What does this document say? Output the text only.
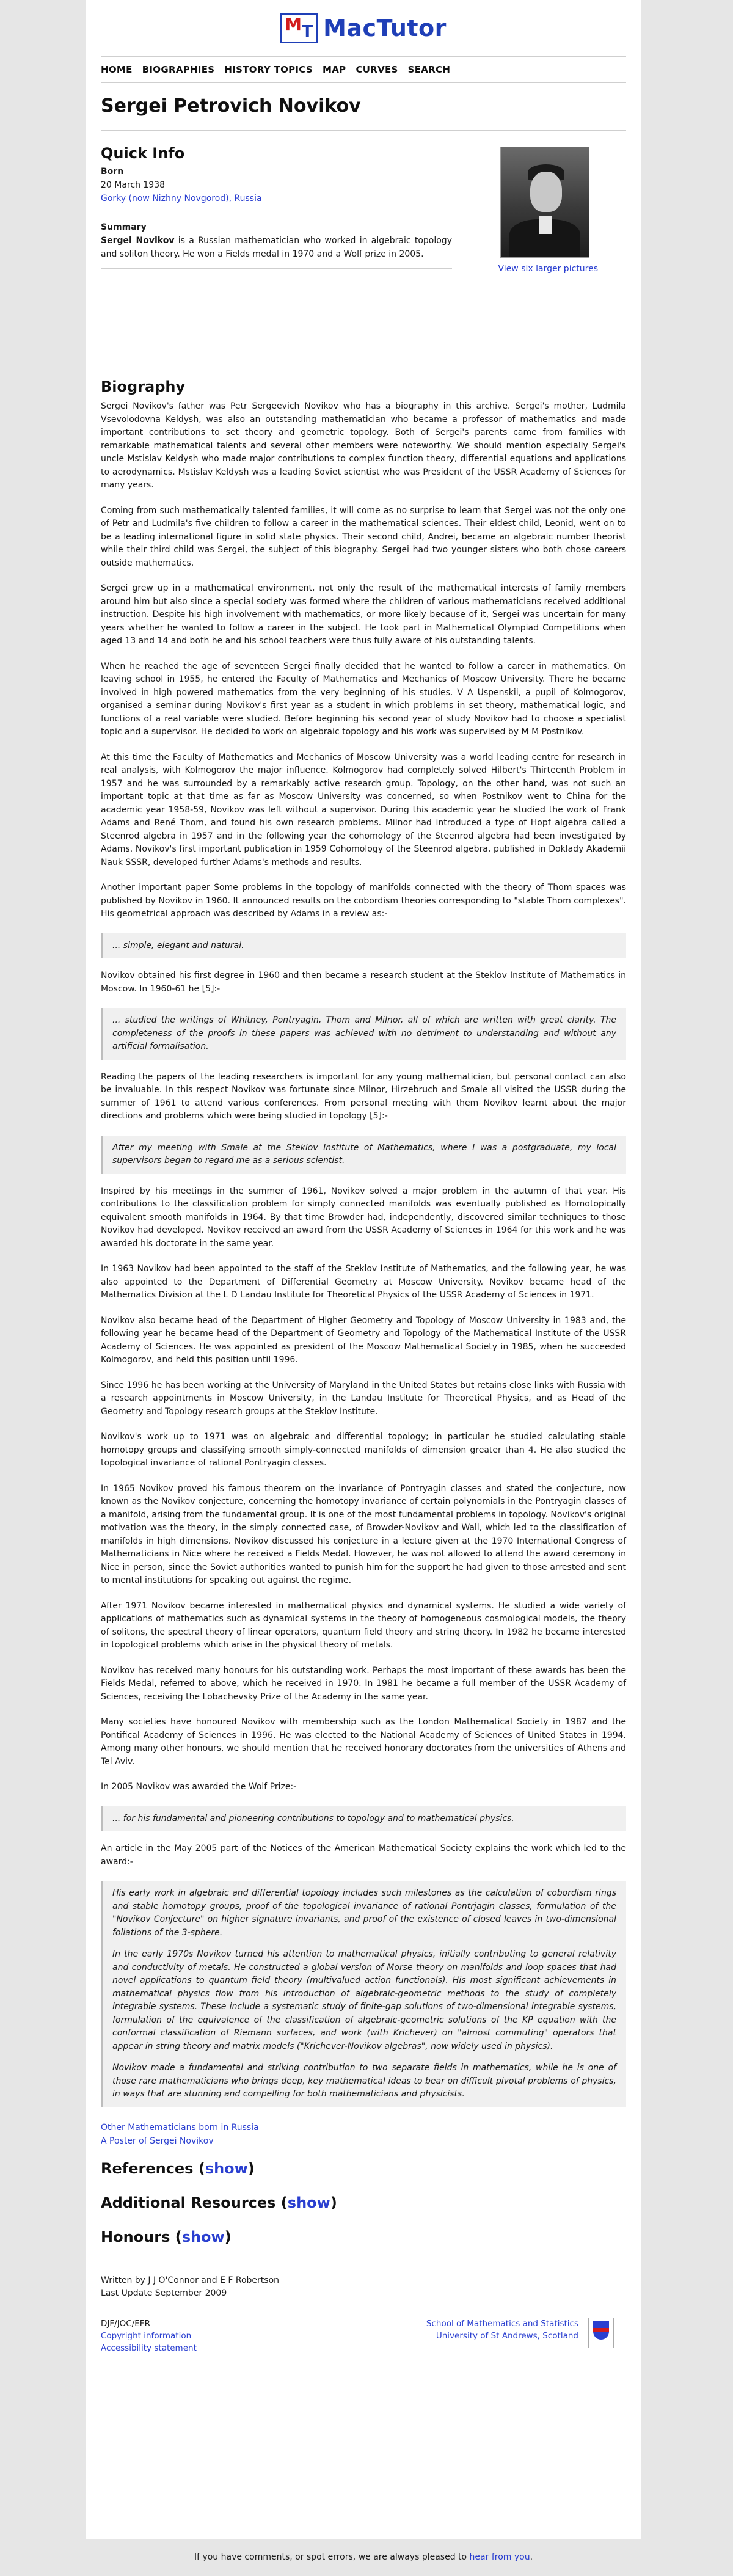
M T MacTutor
HOME BIOGRAPHIES HISTORY TOPICS MAP CURVES SEARCH
Sergei Petrovich Novikov
Quick Info
Born
20 March 1938
Gorky (now Nizhny Novgorod), Russia
Summary
Sergei Novikov is a Russian mathematician who worked in algebraic topology and soliton theory. He won a Fields medal in 1970 and a Wolf prize in 2005.
View six larger pictures
Biography

Sergei Novikov's father was Petr Sergeevich Novikov who has a biography in this archive. Sergei's mother, Ludmila Vsevolodovna Keldysh, was also an outstanding mathematician who became a professor of mathematics and made important contributions to set theory and geometric topology. Both of Sergei's parents came from families with remarkable mathematical talents and several other members were noteworthy. We should mention especially Sergei's uncle Mstislav Keldysh who made major contributions to complex function theory, differential equations and applications to aerodynamics. Mstislav Keldysh was a leading Soviet scientist who was President of the USSR Academy of Sciences for many years.

Coming from such mathematically talented families, it will come as no surprise to learn that Sergei was not the only one of Petr and Ludmila's five children to follow a career in the mathematical sciences. Their eldest child, Leonid, went on to be a leading international figure in solid state physics. Their second child, Andrei, became an algebraic number theorist while their third child was Sergei, the subject of this biography. Sergei had two younger sisters who both chose careers outside mathematics.

Sergei grew up in a mathematical environment, not only the result of the mathematical interests of family members around him but also since a special society was formed where the children of various mathematicians received additional instruction. Despite his high involvement with mathematics, or more likely because of it, Sergei was uncertain for many years whether he wanted to follow a career in the subject. He took part in Mathematical Olympiad Competitions when aged 13 and 14 and both he and his school teachers were thus fully aware of his outstanding talents.

When he reached the age of seventeen Sergei finally decided that he wanted to follow a career in mathematics. On leaving school in 1955, he entered the Faculty of Mathematics and Mechanics of Moscow University. There he became involved in high powered mathematics from the very beginning of his studies. V A Uspenskii, a pupil of Kolmogorov, organised a seminar during Novikov's first year as a student in which problems in set theory, mathematical logic, and functions of a real variable were studied. Before beginning his second year of study Novikov had to choose a specialist topic and a supervisor. He decided to work on algebraic topology and his work was supervised by M M Postnikov.

At this time the Faculty of Mathematics and Mechanics of Moscow University was a world leading centre for research in real analysis, with Kolmogorov the major influence. Kolmogorov had completely solved Hilbert's Thirteenth Problem in 1957 and he was surrounded by a remarkably active research group. Topology, on the other hand, was not such an important topic at that time as far as Moscow University was concerned, so when Postnikov went to China for the academic year 1958-59, Novikov was left without a supervisor. During this academic year he studied the work of Frank Adams and René Thom, and found his own research problems. Milnor had introduced a type of Hopf algebra called a Steenrod algebra in 1957 and in the following year the cohomology of the Steenrod algebra had been investigated by Adams. Novikov's first important publication in 1959 Cohomology of the Steenrod algebra, published in Doklady Akademii Nauk SSSR, developed further Adams's methods and results.

Another important paper Some problems in the topology of manifolds connected with the theory of Thom spaces was published by Novikov in 1960. It announced results on the cobordism theories corresponding to "stable Thom complexes". His geometrical approach was described by Adams in a review as:-

... simple, elegant and natural.

Novikov obtained his first degree in 1960 and then became a research student at the Steklov Institute of Mathematics in Moscow. In 1960-61 he [5]:-

... studied the writings of Whitney, Pontryagin, Thom and Milnor, all of which are written with great clarity. The completeness of the proofs in these papers was achieved with no detriment to understanding and without any artificial formalisation.

Reading the papers of the leading researchers is important for any young mathematician, but personal contact can also be invaluable. In this respect Novikov was fortunate since Milnor, Hirzebruch and Smale all visited the USSR during the summer of 1961 to attend various conferences. From personal meeting with them Novikov learnt about the major directions and problems which were being studied in topology [5]:-

After my meeting with Smale at the Steklov Institute of Mathematics, where I was a postgraduate, my local supervisors began to regard me as a serious scientist.

Inspired by his meetings in the summer of 1961, Novikov solved a major problem in the autumn of that year. His contributions to the classification problem for simply connected manifolds was eventually published as Homotopically equivalent smooth manifolds in 1964. By that time Browder had, independently, discovered similar techniques to those Novikov had developed. Novikov received an award from the USSR Academy of Sciences in 1964 for this work and he was awarded his doctorate in the same year.

In 1963 Novikov had been appointed to the staff of the Steklov Institute of Mathematics, and the following year, he was also appointed to the Department of Differential Geometry at Moscow University. Novikov became head of the Mathematics Division at the L D Landau Institute for Theoretical Physics of the USSR Academy of Sciences in 1971.

Novikov also became head of the Department of Higher Geometry and Topology of Moscow University in 1983 and, the following year he became head of the Department of Geometry and Topology of the Mathematical Institute of the USSR Academy of Sciences. He was appointed as president of the Moscow Mathematical Society in 1985, when he succeeded Kolmogorov, and held this position until 1996.

Since 1996 he has been working at the University of Maryland in the United States but retains close links with Russia with a research appointments in Moscow University, in the Landau Institute for Theoretical Physics, and as Head of the Geometry and Topology research groups at the Steklov Institute.

Novikov's work up to 1971 was on algebraic and differential topology; in particular he studied calculating stable homotopy groups and classifying smooth simply-connected manifolds of dimension greater than 4. He also studied the topological invariance of rational Pontryagin classes.

In 1965 Novikov proved his famous theorem on the invariance of Pontryagin classes and stated the conjecture, now known as the Novikov conjecture, concerning the homotopy invariance of certain polynomials in the Pontryagin classes of a manifold, arising from the fundamental group. It is one of the most fundamental problems in topology. Novikov's original motivation was the theory, in the simply connected case, of Browder-Novikov and Wall, which led to the classification of manifolds in high dimensions. Novikov discussed his conjecture in a lecture given at the 1970 International Congress of Mathematicians in Nice where he received a Fields Medal. However, he was not allowed to attend the award ceremony in Nice in person, since the Soviet authorities wanted to punish him for the support he had given to those arrested and sent to mental institutions for speaking out against the regime.

After 1971 Novikov became interested in mathematical physics and dynamical systems. He studied a wide variety of applications of mathematics such as dynamical systems in the theory of homogeneous cosmological models, the theory of solitons, the spectral theory of linear operators, quantum field theory and string theory. In 1982 he became interested in topological problems which arise in the physical theory of metals.

Novikov has received many honours for his outstanding work. Perhaps the most important of these awards has been the Fields Medal, referred to above, which he received in 1970. In 1981 he became a full member of the USSR Academy of Sciences, receiving the Lobachevsky Prize of the Academy in the same year.

Many societies have honoured Novikov with membership such as the London Mathematical Society in 1987 and the Pontifical Academy of Sciences in 1996. He was elected to the National Academy of Sciences of United States in 1994. Among many other honours, we should mention that he received honorary doctorates from the universities of Athens and Tel Aviv.

In 2005 Novikov was awarded the Wolf Prize:-

... for his fundamental and pioneering contributions to topology and to mathematical physics.

An article in the May 2005 part of the Notices of the American Mathematical Society explains the work which led to the award:-

His early work in algebraic and differential topology includes such milestones as the calculation of cobordism rings and stable homotopy groups, proof of the topological invariance of rational Pontrjagin classes, formulation of the "Novikov Conjecture" on higher signature invariants, and proof of the existence of closed leaves in two-dimensional foliations of the 3-sphere.

In the early 1970s Novikov turned his attention to mathematical physics, initially contributing to general relativity and conductivity of metals. He constructed a global version of Morse theory on manifolds and loop spaces that had novel applications to quantum field theory (multivalued action functionals). His most significant achievements in mathematical physics flow from his introduction of algebraic-geometric methods to the study of completely integrable systems. These include a systematic study of finite-gap solutions of two-dimensional integrable systems, formulation of the equivalence of the classification of algebraic-geometric solutions of the KP equation with the conformal classification of Riemann surfaces, and work (with Krichever) on "almost commuting" operators that appear in string theory and matrix models ("Krichever-Novikov algebras", now widely used in physics).

Novikov made a fundamental and striking contribution to two separate fields in mathematics, while he is one of those rare mathematicians who brings deep, key mathematical ideas to bear on difficult pivotal problems of physics, in ways that are stunning and compelling for both mathematicians and physicists.

Other Mathematicians born in Russia
A Poster of Sergei Novikov
References (show)
Additional Resources (show)
Honours (show)
Written by J J O'Connor and E F Robertson
Last Update September 2009
DJF/JOC/EFR
Copyright information
Accessibility statement
School of Mathematics and Statistics
University of St Andrews, Scotland
If you have comments, or spot errors, we are always pleased to hear from you.
